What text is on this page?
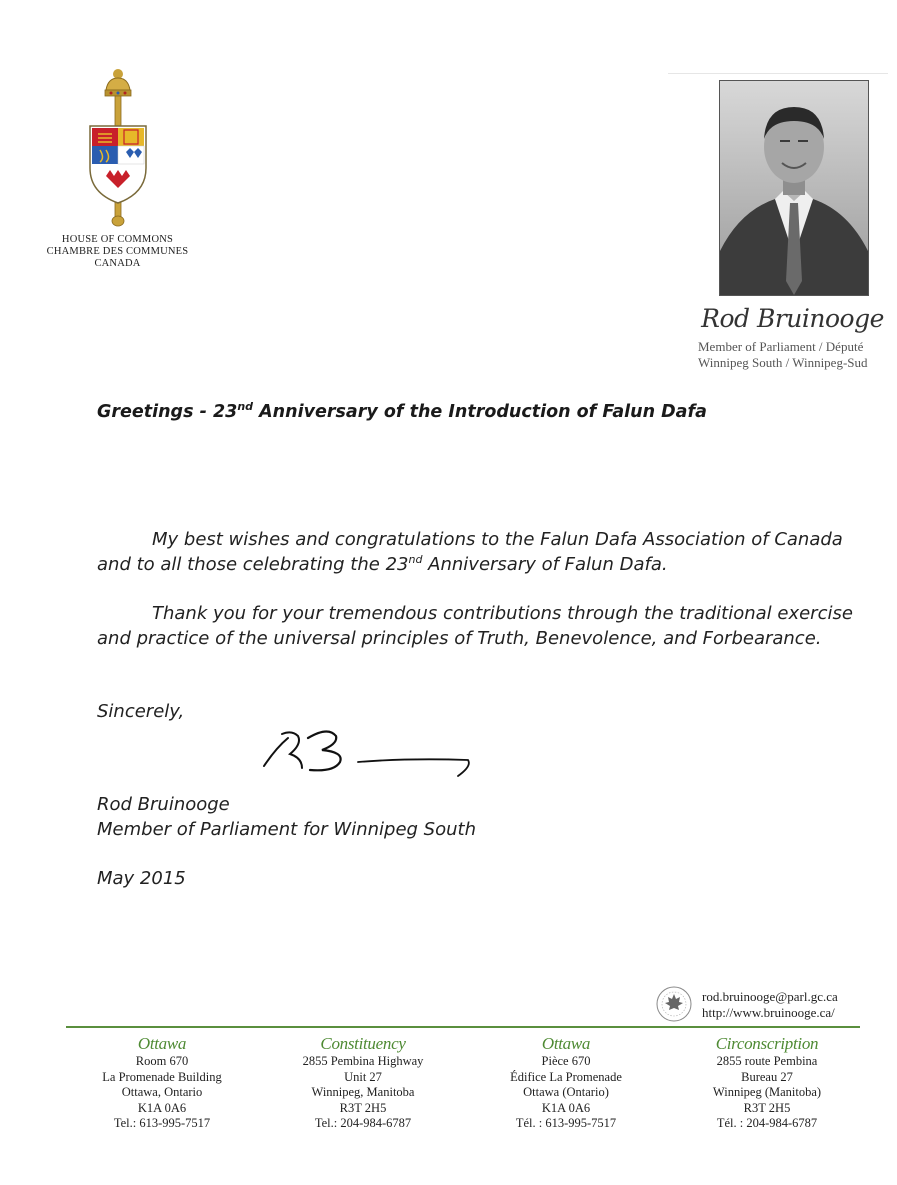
HOUSE OF COMMONS
CHAMBRE DES COMMUNES
CANADA
Rod Bruinooge
Member of Parliament / Député
Winnipeg South / Winnipeg-Sud
Greetings - 23nd Anniversary of the Introduction of Falun Dafa
My best wishes and congratulations to the Falun Dafa Association of Canada and to all those celebrating the 23nd Anniversary of Falun Dafa.
Thank you for your tremendous contributions through the traditional exercise and practice of the universal principles of Truth, Benevolence, and Forbearance.
Sincerely,
Rod Bruinooge
Member of Parliament for Winnipeg South
May 2015
rod.bruinooge@parl.gc.ca
http://www.bruinooge.ca/
Ottawa
Room 670
La Promenade Building
Ottawa, Ontario
K1A 0A6
Tel.: 613-995-7517
Constituency
2855 Pembina Highway
Unit 27
Winnipeg, Manitoba
R3T 2H5
Tel.: 204-984-6787
Ottawa
Pièce 670
Édifice La Promenade
Ottawa (Ontario)
K1A 0A6
Tél. : 613-995-7517
Circonscription
2855 route Pembina
Bureau 27
Winnipeg (Manitoba)
R3T 2H5
Tél. : 204-984-6787
